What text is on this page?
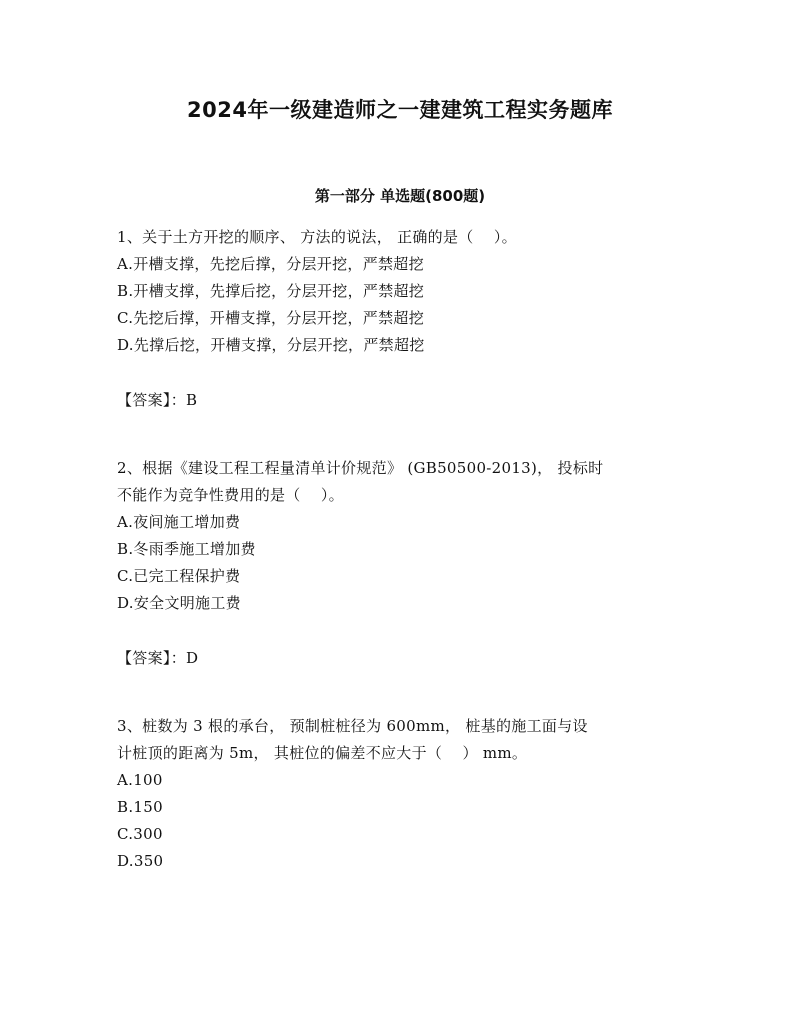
2024年一级建造师之一建建筑工程实务题库
第一部分 单选题(800题)
1、关于土方开挖的顺序、 方法的说法， 正确的是（    ）。
A.开槽支撑，先挖后撑，分层开挖，严禁超挖
B.开槽支撑，先撑后挖，分层开挖，严禁超挖
C.先挖后撑，开槽支撑，分层开挖，严禁超挖
D.先撑后挖，开槽支撑，分层开挖，严禁超挖
【答案】：B
2、根据《建设工程工程量清单计价规范》 (GB50500-2013)， 投标时
不能作为竞争性费用的是（    ）。
A.夜间施工增加费
B.冬雨季施工增加费
C.已完工程保护费
D.安全文明施工费
【答案】：D
3、桩数为 3 根的承台， 预制桩桩径为 600mm， 桩基的施工面与设
计桩顶的距离为 5m， 其桩位的偏差不应大于（    ） mm。
A.100
B.150
C.300
D.350
